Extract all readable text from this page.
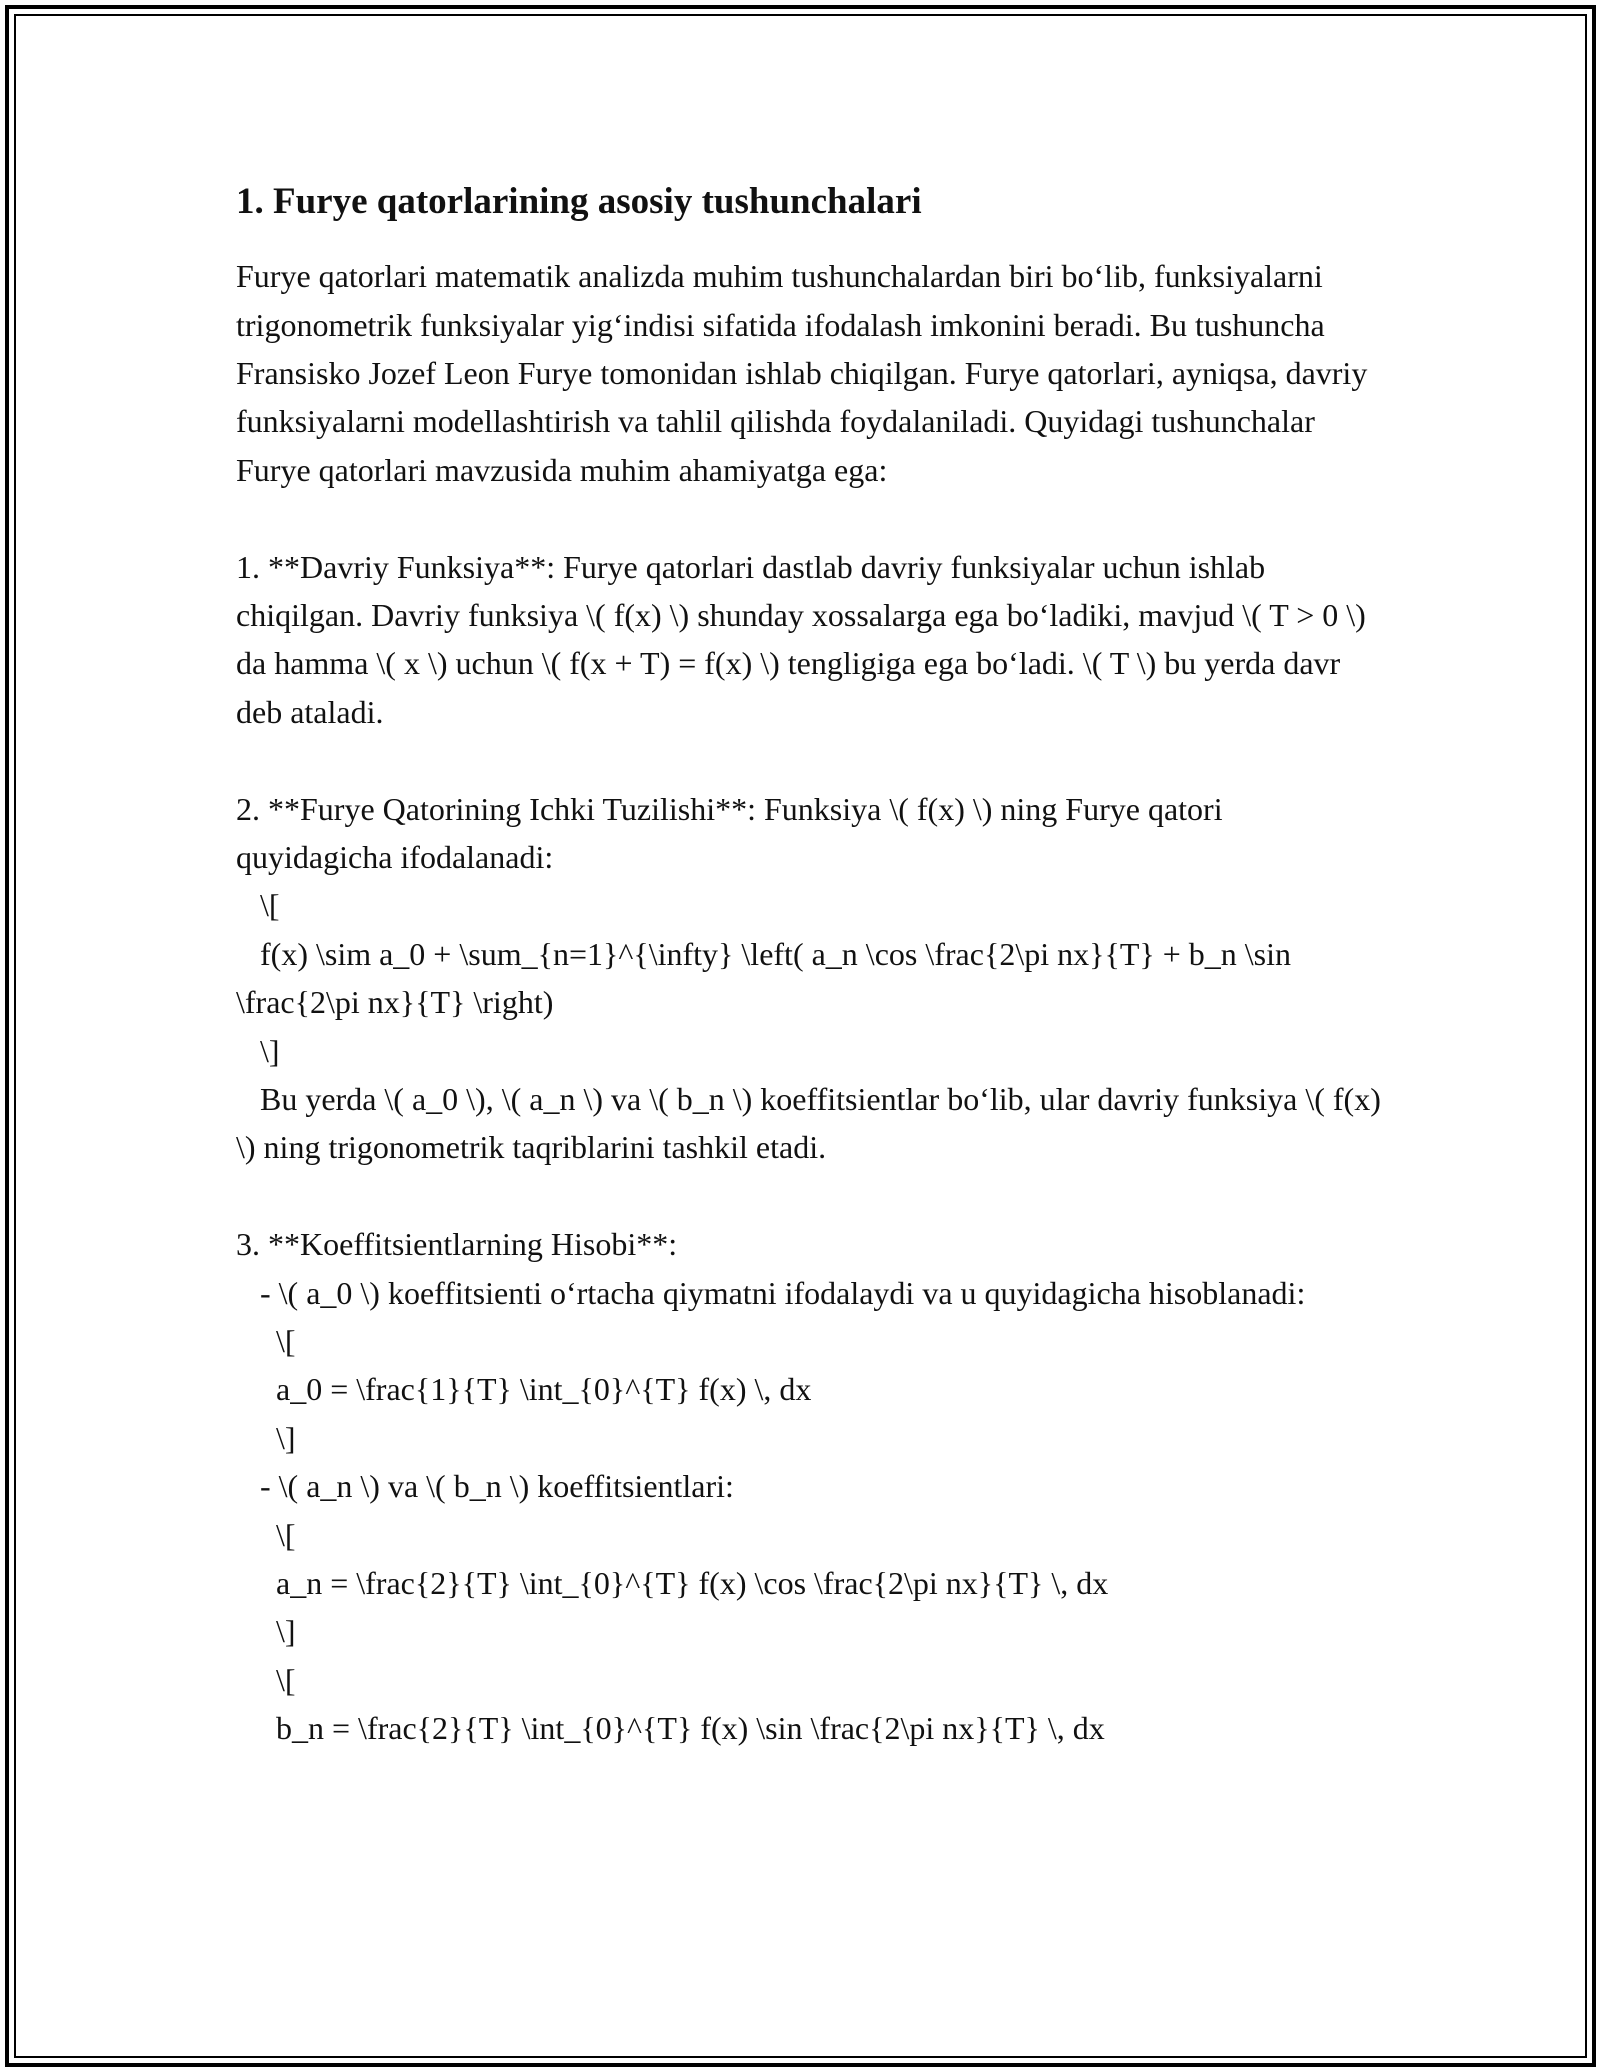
1. Furye qatorlarining asosiy tushunchalari

Furye qatorlari matematik analizda muhim tushunchalardan biri bo‘lib, funksiyalarni trigonometrik funksiyalar yig‘indisi sifatida ifodalash imkonini beradi. Bu tushuncha Fransisko Jozef Leon Furye tomonidan ishlab chiqilgan. Furye qatorlari, ayniqsa, davriy funksiyalarni modellashtirish va tahlil qilishda foydalaniladi. Quyidagi tushunchalar Furye qatorlari mavzusida muhim ahamiyatga ega:

1. **Davriy Funksiya**: Furye qatorlari dastlab davriy funksiyalar uchun ishlab chiqilgan. Davriy funksiya \( f(x) \) shunday xossalarga ega bo‘ladiki, mavjud \( T > 0 \) da hamma \( x \) uchun \( f(x + T) = f(x) \) tengligiga ega bo‘ladi. \( T \) bu yerda davr deb ataladi.

2. **Furye Qatorining Ichki Tuzilishi**: Funksiya \( f(x) \) ning Furye qatori quyidagicha ifodalanadi:
\[
f(x) \sim a_0 + \sum_{n=1}^{\infty} \left( a_n \cos \frac{2\pi nx}{T} + b_n \sin \frac{2\pi nx}{T} \right)
\]
Bu yerda \( a_0 \), \( a_n \) va \( b_n \) koeffitsientlar bo‘lib, ular davriy funksiya \( f(x) \) ning trigonometrik taqriblarini tashkil etadi.

3. **Koeffitsientlarning Hisobi**:
- \( a_0 \) koeffitsienti o‘rtacha qiymatni ifodalaydi va u quyidagicha hisoblanadi:
\[
a_0 = \frac{1}{T} \int_{0}^{T} f(x) \, dx
\]
- \( a_n \) va \( b_n \) koeffitsientlari:
\[
a_n = \frac{2}{T} \int_{0}^{T} f(x) \cos \frac{2\pi nx}{T} \, dx
\]
\[
b_n = \frac{2}{T} \int_{0}^{T} f(x) \sin \frac{2\pi nx}{T} \, dx
